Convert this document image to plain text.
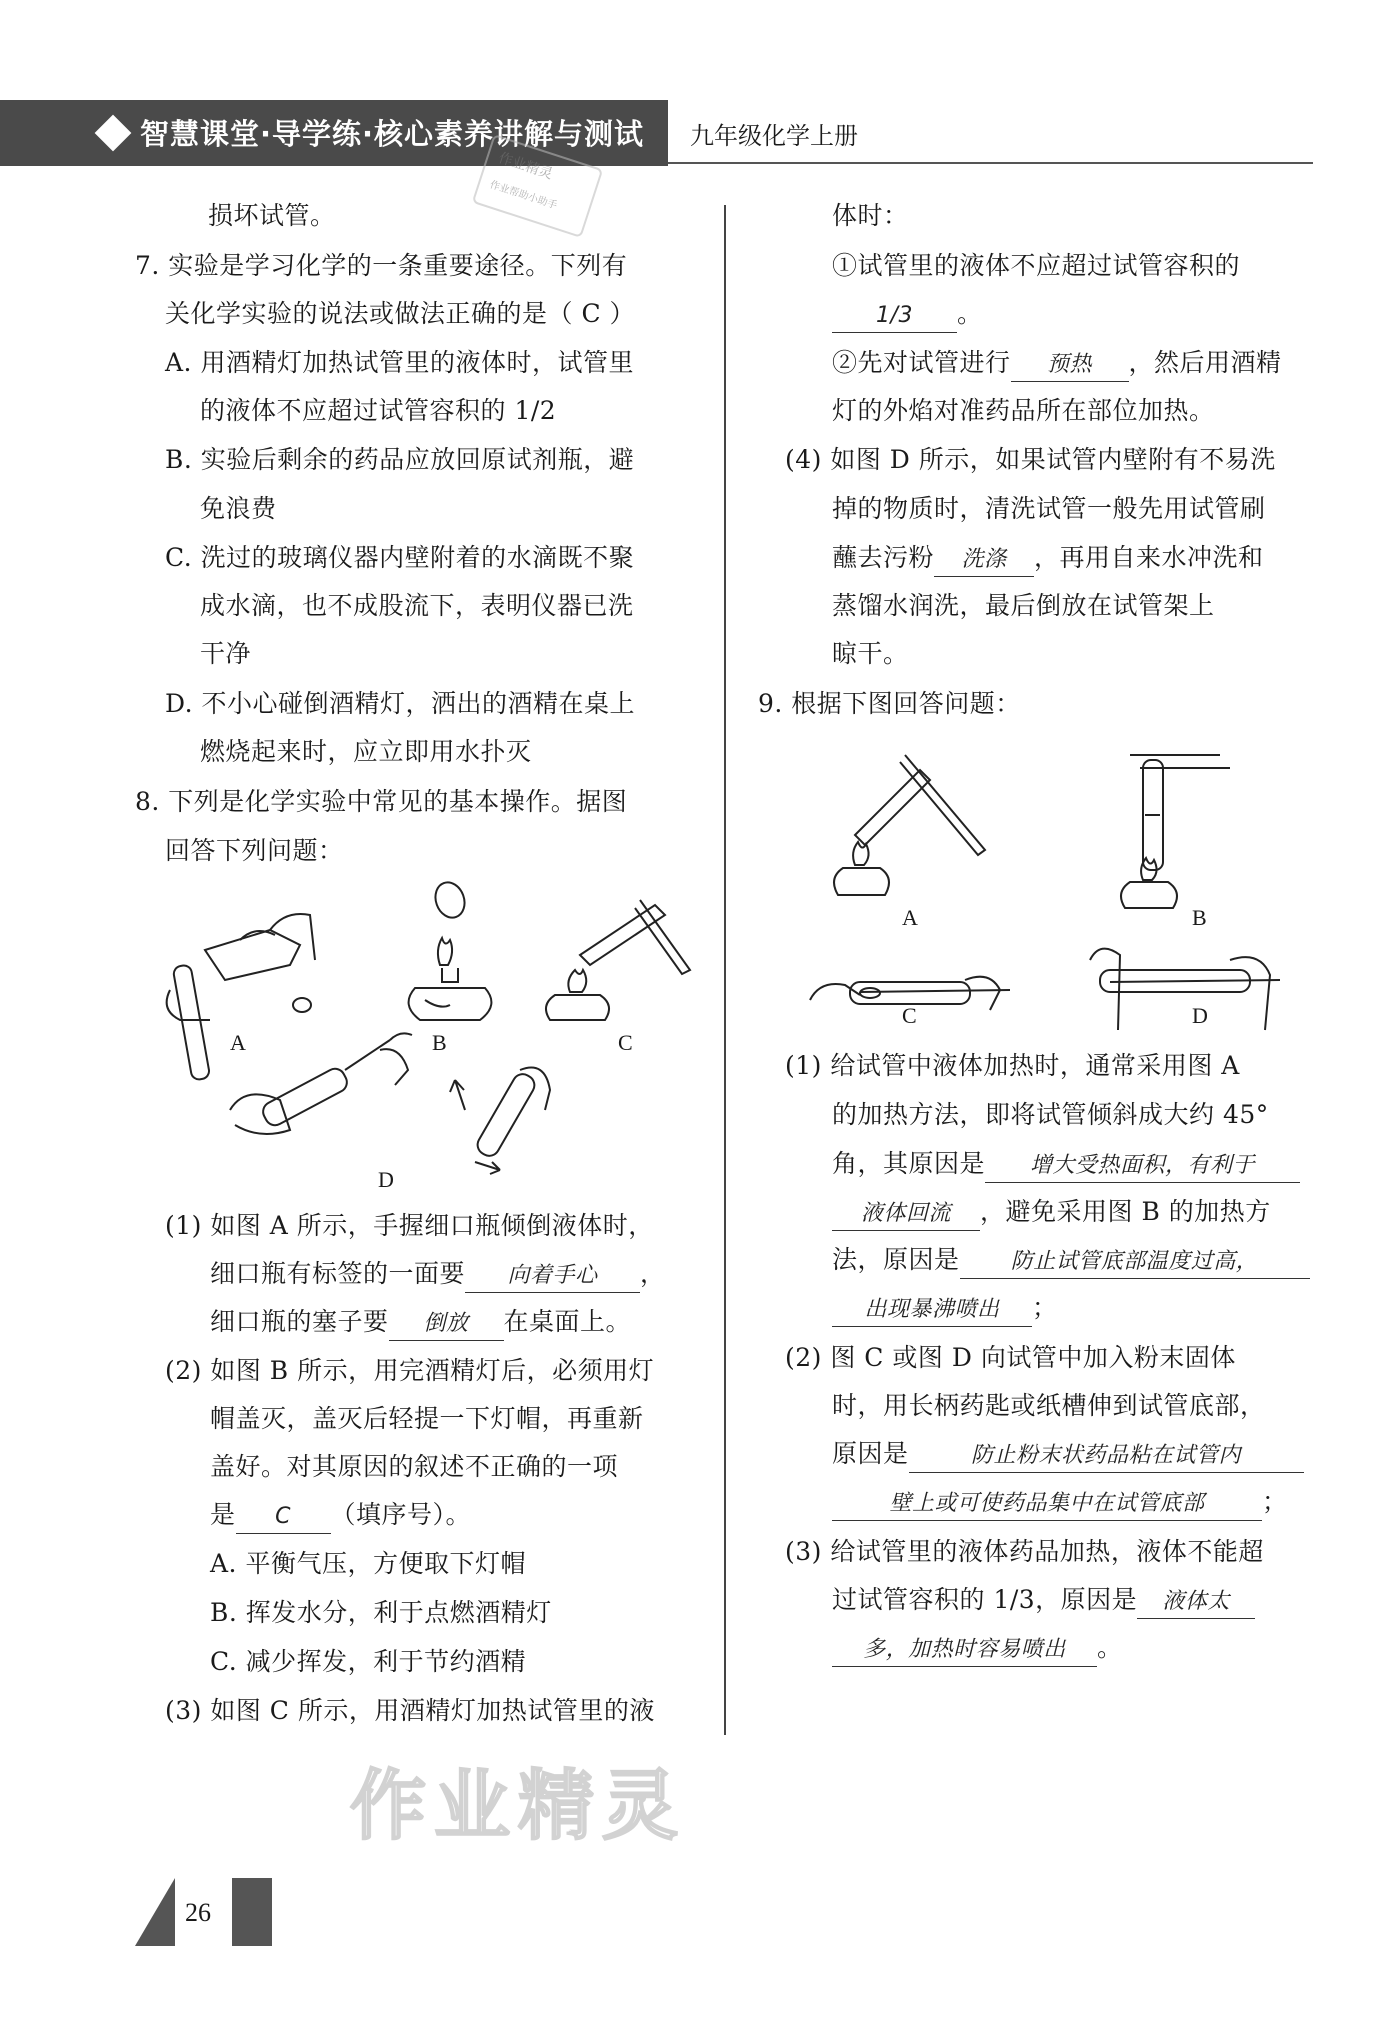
智慧课堂·导学练·核心素养讲解与测试 九年级化学上册
作业精灵
作业帮助小助手
损坏试管。
7. 实验是学习化学的一条重要途径。下列有
关化学实验的说法或做法正确的是（ C ）
A. 用酒精灯加热试管里的液体时，试管里
的液体不应超过试管容积的 1/2
B. 实验后剩余的药品应放回原试剂瓶，避
免浪费
C. 洗过的玻璃仪器内壁附着的水滴既不聚
成水滴，也不成股流下，表明仪器已洗
干净
D. 不小心碰倒酒精灯，洒出的酒精在桌上
燃烧起来时，应立即用水扑灭
8. 下列是化学实验中常见的基本操作。据图
回答下列问题：
A	B	C
D
(1) 如图 A 所示，手握细口瓶倾倒液体时，
细口瓶有标签的一面要 向着手心 ，
细口瓶的塞子要 倒放 在桌面上。
(2) 如图 B 所示，用完酒精灯后，必须用灯
帽盖灭，盖灭后轻提一下灯帽，再重新
盖好。对其原因的叙述不正确的一项
是 C （填序号）。
A. 平衡气压，方便取下灯帽
B. 挥发水分，利于点燃酒精灯
C. 减少挥发，利于节约酒精
(3) 如图 C 所示，用酒精灯加热试管里的液
体时：
①试管里的液体不应超过试管容积的
1/3 。
②先对试管进行 预热 ，然后用酒精
灯的外焰对准药品所在部位加热。
(4) 如图 D 所示，如果试管内壁附有不易洗
掉的物质时，清洗试管一般先用试管刷
蘸去污粉 洗涤 ，再用自来水冲洗和
蒸馏水润洗，最后倒放在试管架上
晾干。
9. 根据下图回答问题：
A	B
C	D
(1) 给试管中液体加热时，通常采用图 A
的加热方法，即将试管倾斜成大约 45°
角，其原因是 增大受热面积，有利于
液体回流 ，避免采用图 B 的加热方
法，原因是 防止试管底部温度过高，
出现暴沸喷出 ；
(2) 图 C 或图 D 向试管中加入粉末固体
时，用长柄药匙或纸槽伸到试管底部，
原因是	防止粉末状药品粘在试管内
壁上或可使药品集中在试管底部 ；
(3) 给试管里的液体药品加热，液体不能超
过试管容积的 1/3，原因是 液体太
多，加热时容易喷出 。
作业精灵
26
